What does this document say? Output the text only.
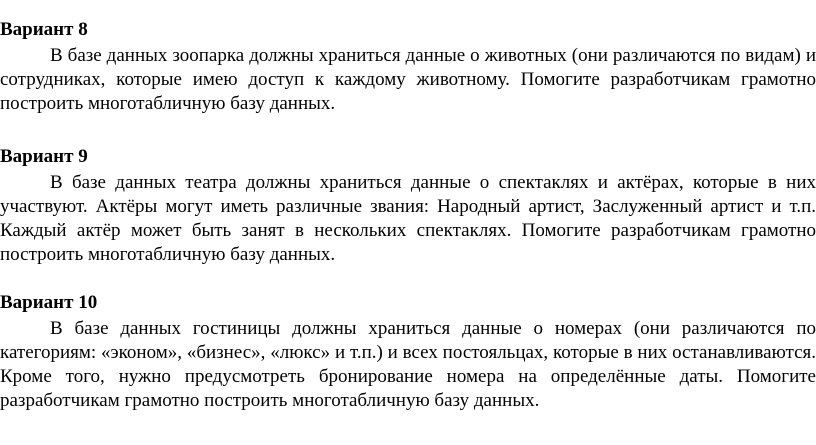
Вариант 8
В базе данных зоопарка должны храниться данные о животных (они различаются по видам) и
сотрудниках, которые имею доступ к каждому животному. Помогите разработчикам грамотно
построить многотабличную базу данных.
Вариант 9
В базе данных театра должны храниться данные о спектаклях и актёрах, которые в них
участвуют. Актёры могут иметь различные звания: Народный артист, Заслуженный артист и т.п.
Каждый актёр может быть занят в нескольких спектаклях. Помогите разработчикам грамотно
построить многотабличную базу данных.
Вариант 10
В базе данных гостиницы должны храниться данные о номерах (они различаются по
категориям: «эконом», «бизнес», «люкс» и т.п.) и всех постояльцах, которые в них останавливаются.
Кроме того, нужно предусмотреть бронирование номера на определённые даты. Помогите
разработчикам грамотно построить многотабличную базу данных.
